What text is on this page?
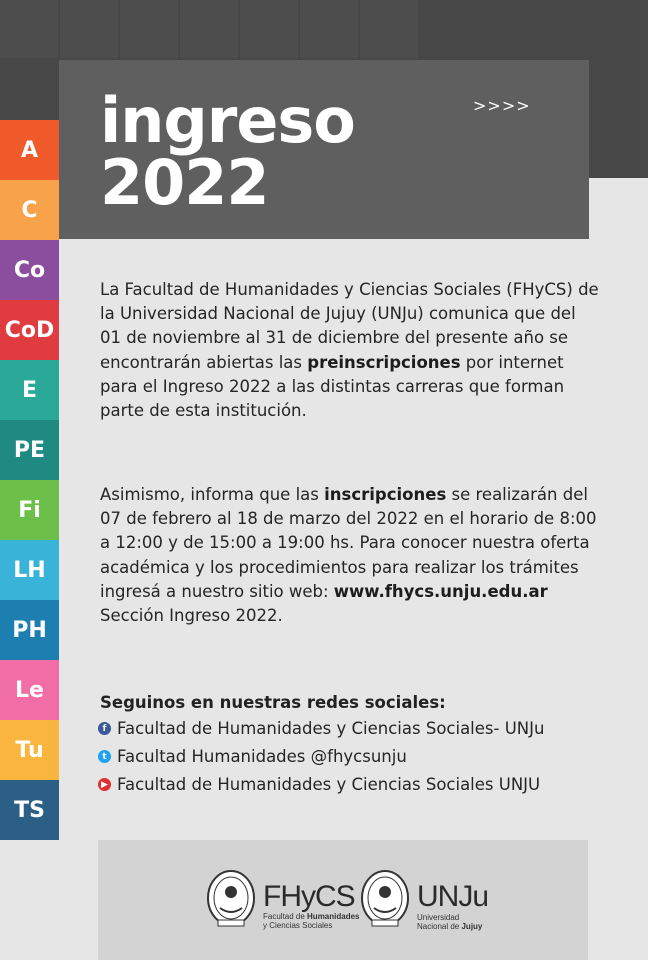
ingreso
2022
>>>>
A
C
Co
CoD
E
PE
Fi
LH
PH
Le
Tu
TS
La Facultad de Humanidades y Ciencias Sociales (FHyCS) de la Universidad Nacional de Jujuy (UNJu) comunica que del 01 de noviembre al 31 de diciembre del presente año se encontrarán abiertas las preinscripciones por internet para el Ingreso 2022 a las distintas carreras que forman parte de esta institución.
Asimismo, informa que las inscripciones se realizarán del 07 de febrero al 18 de marzo del 2022 en el horario de 8:00 a 12:00 y de 15:00 a 19:00 hs. Para conocer nuestra oferta académica y los procedimientos para realizar los trámites ingresá a nuestro sitio web: www.fhycs.unju.edu.ar
Sección Ingreso 2022.
Seguinos en nuestras redes sociales:
f Facultad de Humanidades y Ciencias Sociales- UNJu
t Facultad Humanidades @fhycsunju
▶ Facultad de Humanidades y Ciencias Sociales UNJU
FHyCS
Facultad de Humanidades
y Ciencias Sociales
UNJu
Universidad
Nacional de Jujuy
